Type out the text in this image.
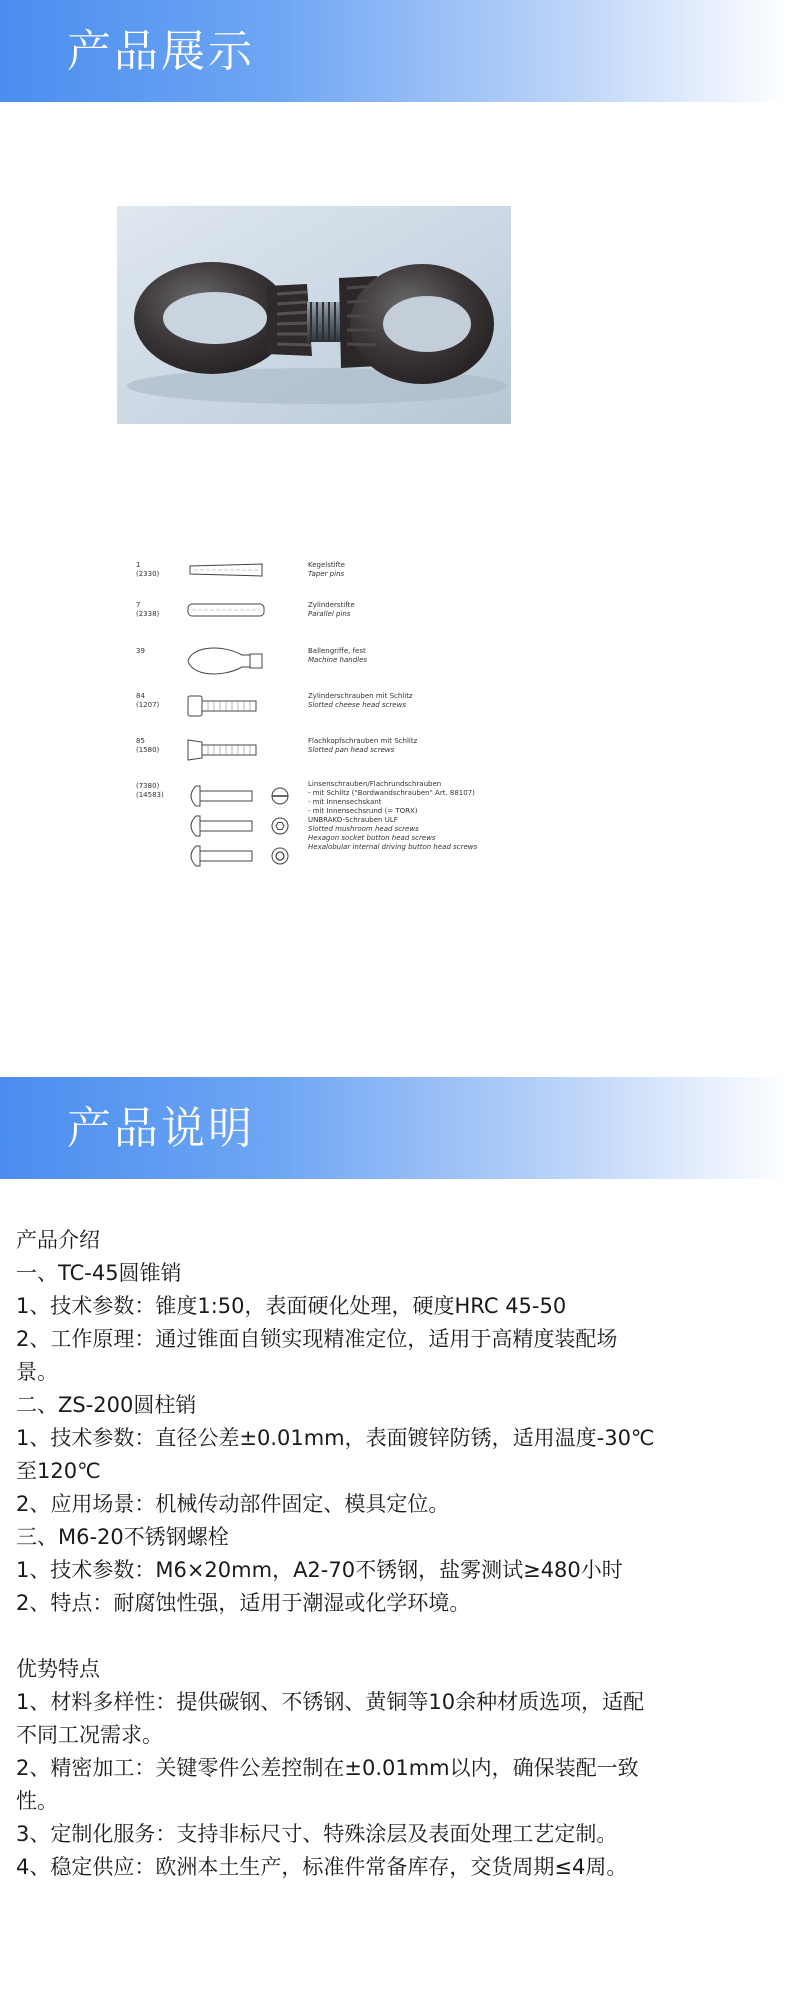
产品展示
1
(2330)
Kegelstifte
Taper pins
7
(2338)
Zylinderstifte
Parallel pins
39	Ballengriffe, fest
Machine handles
84
(1207)
Zylinderschrauben mit Schlitz
Slotted cheese head screws
85
(1580)
Flachkopfschrauben mit Schlitz
Slotted pan head screws
(7380)
(14583)
Linsenschrauben/Flachrundschrauben
- mit Schlitz ("Bordwandschrauben" Art. 88107)
- mit Innensechskant
- mit Innensechsrund (= TORX)
UNBRAKO-Schrauben ULF
Slotted mushroom head screws
Hexagon socket button head screws
Hexalobular internal driving button head screws
产品说明

产品介绍

一、TC-45圆锥销

1、技术参数：锥度1:50，表面硬化处理，硬度HRC 45-50

2、工作原理：通过锥面自锁实现精准定位，适用于高精度装配场

景。

二、ZS-200圆柱销

1、技术参数：直径公差±0.01mm，表面镀锌防锈，适用温度-30℃

至120℃

2、应用场景：机械传动部件固定、模具定位。

三、M6-20不锈钢螺栓

1、技术参数：M6×20mm，A2-70不锈钢，盐雾测试≥480小时

2、特点：耐腐蚀性强，适用于潮湿或化学环境。

优势特点

1、材料多样性：提供碳钢、不锈钢、黄铜等10余种材质选项，适配

不同工况需求。

2、精密加工：关键零件公差控制在±0.01mm以内，确保装配一致

性。

3、定制化服务：支持非标尺寸、特殊涂层及表面处理工艺定制。

4、稳定供应：欧洲本土生产，标准件常备库存，交货周期≤4周。
